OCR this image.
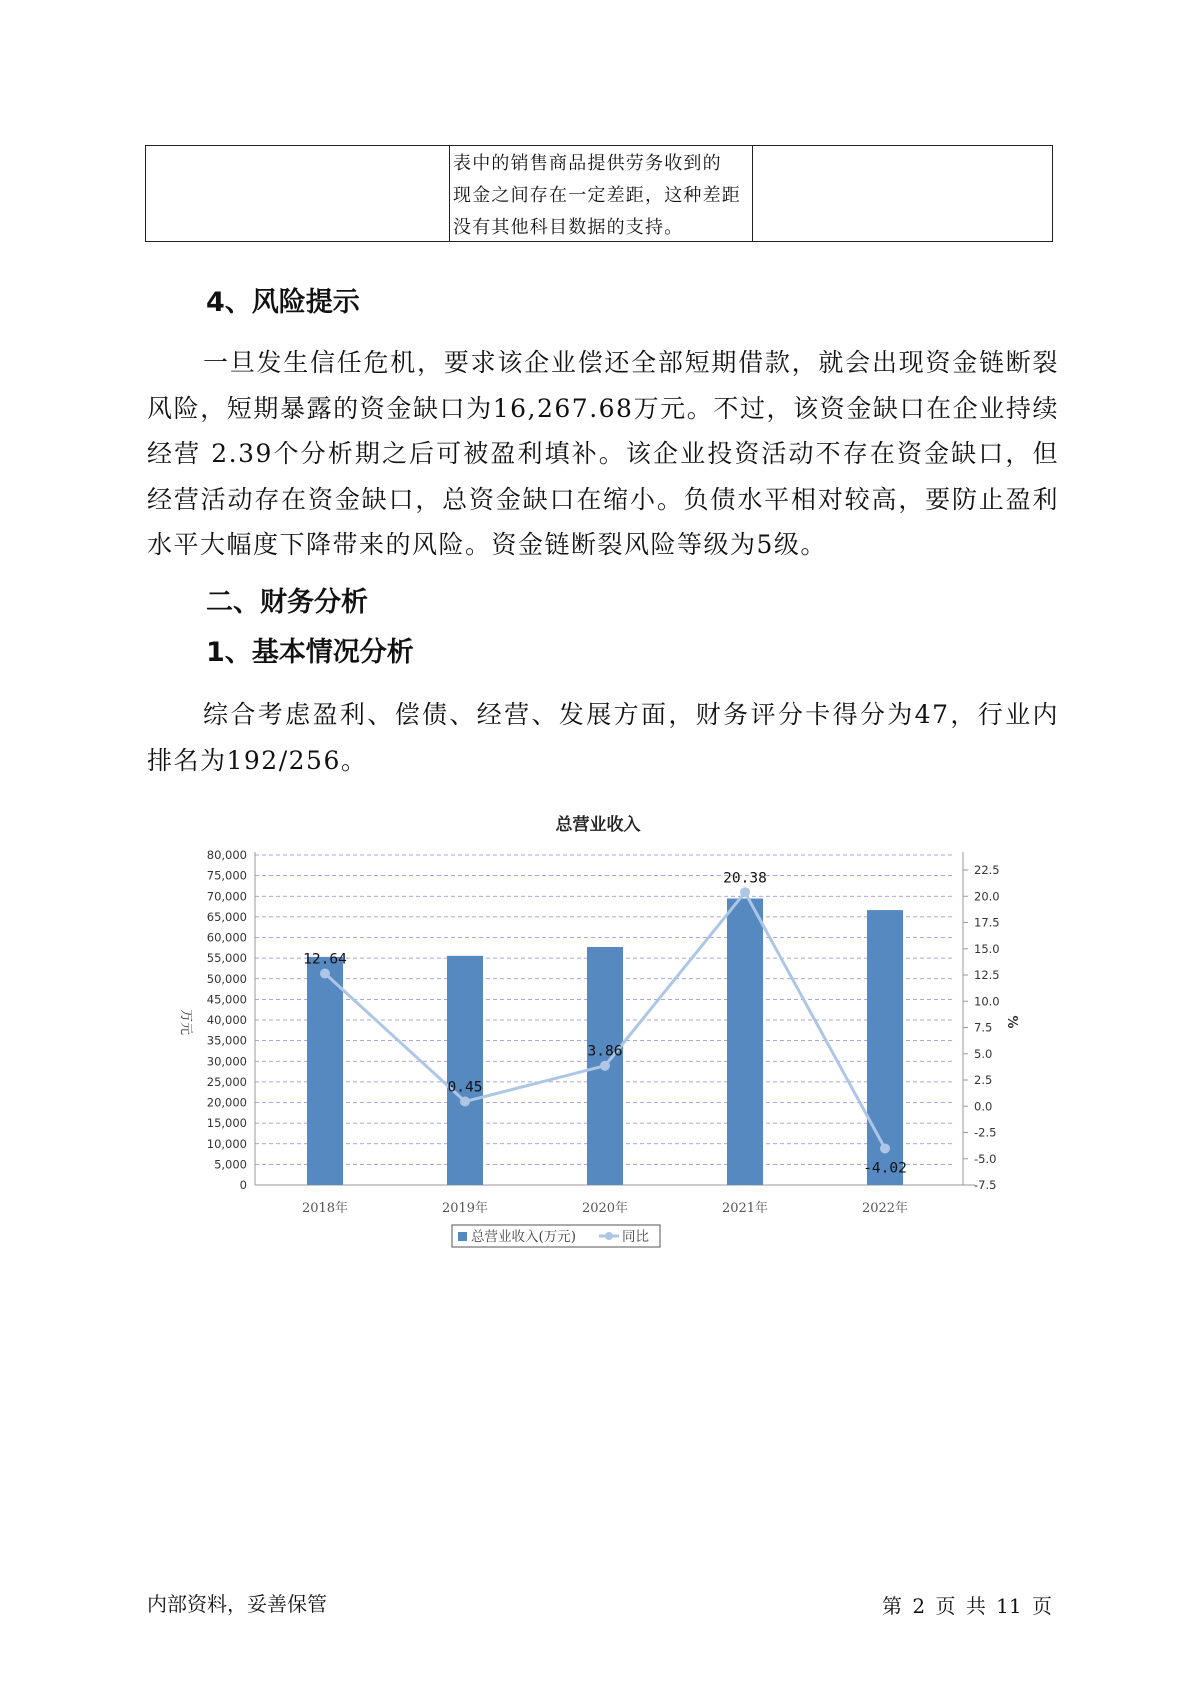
表中的销售商品提供劳务收到的
现金之间存在一定差距，这种差距
没有其他科目数据的支持。
4、风险提示

一旦发生信任危机，要求该企业偿还全部短期借款，就会出现资金链断裂风险，短期暴露的资金缺口为16,267.68万元。不过，该资金缺口在企业持续经营 2.39个分析期之后可被盈利填补。该企业投资活动不存在资金缺口，但经营活动存在资金缺口，总资金缺口在缩小。负债水平相对较高，要防止盈利水平大幅度下降带来的风险。资金链断裂风险等级为5级。

二、财务分析
1、基本情况分析

综合考虑盈利、偿债、经营、发展方面，财务评分卡得分为47，行业内排名为192/256。

总营业收入
0
5,000
10,000
15,000
20,000
25,000
30,000
35,000
40,000
45,000
50,000
55,000
60,000
65,000
70,000
75,000
80,000
-7.5
-5.0
-2.5
0.0
2.5
5.0
7.5
10.0
12.5
15.0
17.5
20.0
22.5
万元	%
2018年	2019年	2020年	2021年	2022年
12.64
0.45
3.86
20.38
-4.02
总营业收入(万元)	同比
内部资料，妥善保管	第 2 页 共 11 页
